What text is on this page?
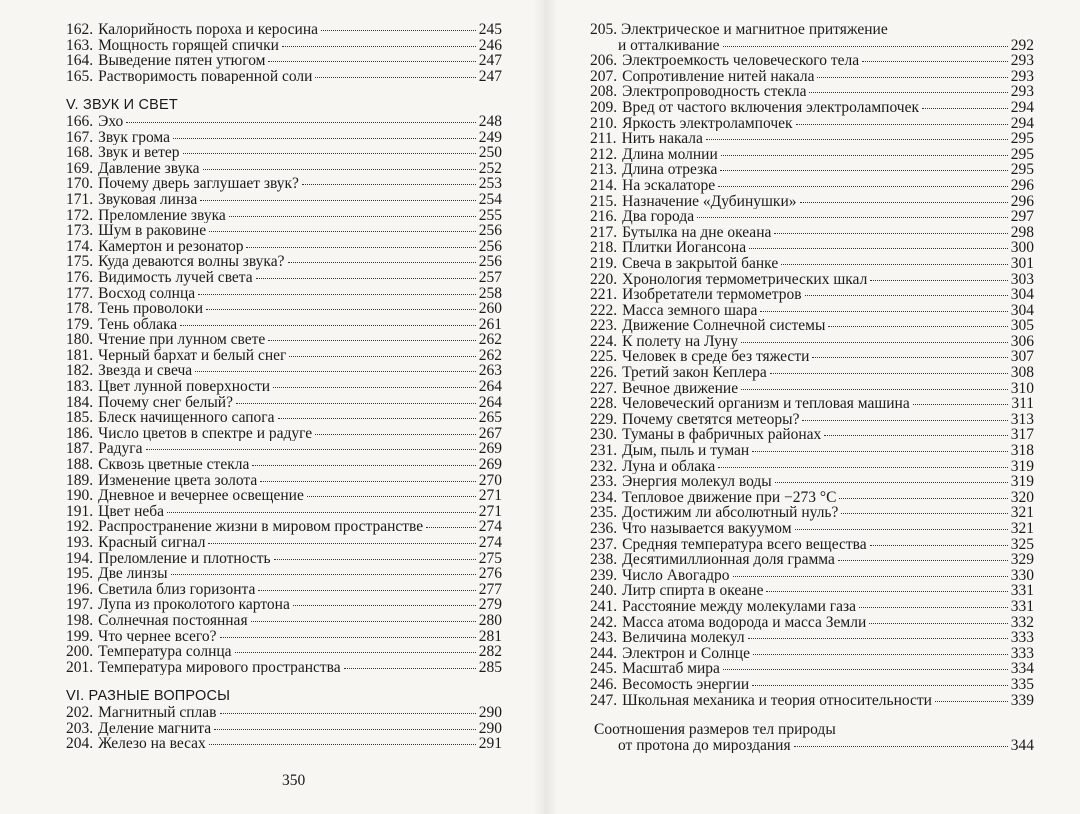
162. Калорийность пороха и керосина	245
163. Мощность горящей спички	246
164. Выведение пятен утюгом	247
165. Растворимость поваренной соли	247
V. ЗВУК И СВЕТ
166. Эхо	248
167. Звук грома	249
168. Звук и ветер	250
169. Давление звука	252
170. Почему дверь заглушает звук?	253
171. Звуковая линза	254
172. Преломление звука	255
173. Шум в раковине	256
174. Камертон и резонатор	256
175. Куда деваются волны звука?	256
176. Видимость лучей света	257
177. Восход солнца	258
178. Тень проволоки	260
179. Тень облака	261
180. Чтение при лунном свете	262
181. Черный бархат и белый снег	262
182. Звезда и свеча	263
183. Цвет лунной поверхности	264
184. Почему снег белый?	264
185. Блеск начищенного сапога	265
186. Число цветов в спектре и радуге	267
187. Радуга	269
188. Сквозь цветные стекла	269
189. Изменение цвета золота	270
190. Дневное и вечернее освещение	271
191. Цвет неба	271
192. Распространение жизни в мировом пространстве	274
193. Красный сигнал	274
194. Преломление и плотность	275
195. Две линзы	276
196. Светила близ горизонта	277
197. Лупа из проколотого картона	279
198. Солнечная постоянная	280
199. Что чернее всего?	281
200. Температура солнца	282
201. Температура мирового пространства	285
VI. РАЗНЫЕ ВОПРОСЫ
202. Магнитный сплав	290
203. Деление магнита	290
204. Железо на весах	291
350
205. Электрическое и магнитное притяжение
и отталкивание	292
206. Электроемкость человеческого тела	293
207. Сопротивление нитей накала	293
208. Электропроводность стекла	293
209. Вред от частого включения электролампочек	294
210. Яркость электролампочек	294
211. Нить накала	295
212. Длина молнии	295
213. Длина отрезка	295
214. На эскалаторе	296
215. Назначение «Дубинушки»	296
216. Два города	297
217. Бутылка на дне океана	298
218. Плитки Иогансона	300
219. Свеча в закрытой банке	301
220. Хронология термометрических шкал	303
221. Изобретатели термометров	304
222. Масса земного шара	304
223. Движение Солнечной системы	305
224. К полету на Луну	306
225. Человек в среде без тяжести	307
226. Третий закон Кеплера	308
227. Вечное движение	310
228. Человеческий организм и тепловая машина	311
229. Почему светятся метеоры?	313
230. Туманы в фабричных районах	317
231. Дым, пыль и туман	318
232. Луна и облака	319
233. Энергия молекул воды	319
234. Тепловое движение при −273 °С	320
235. Достижим ли абсолютный нуль?	321
236. Что называется вакуумом	321
237. Средняя температура всего вещества	325
238. Десятимиллионная доля грамма	329
239. Число Авогадро	330
240. Литр спирта в океане	331
241. Расстояние между молекулами газа	331
242. Масса атома водорода и масса Земли	332
243. Величина молекул	333
244. Электрон и Солнце	333
245. Масштаб мира	334
246. Весомость энергии	335
247. Школьная механика и теория относительности	339
Соотношения размеров тел природы
от протона до мироздания	344
